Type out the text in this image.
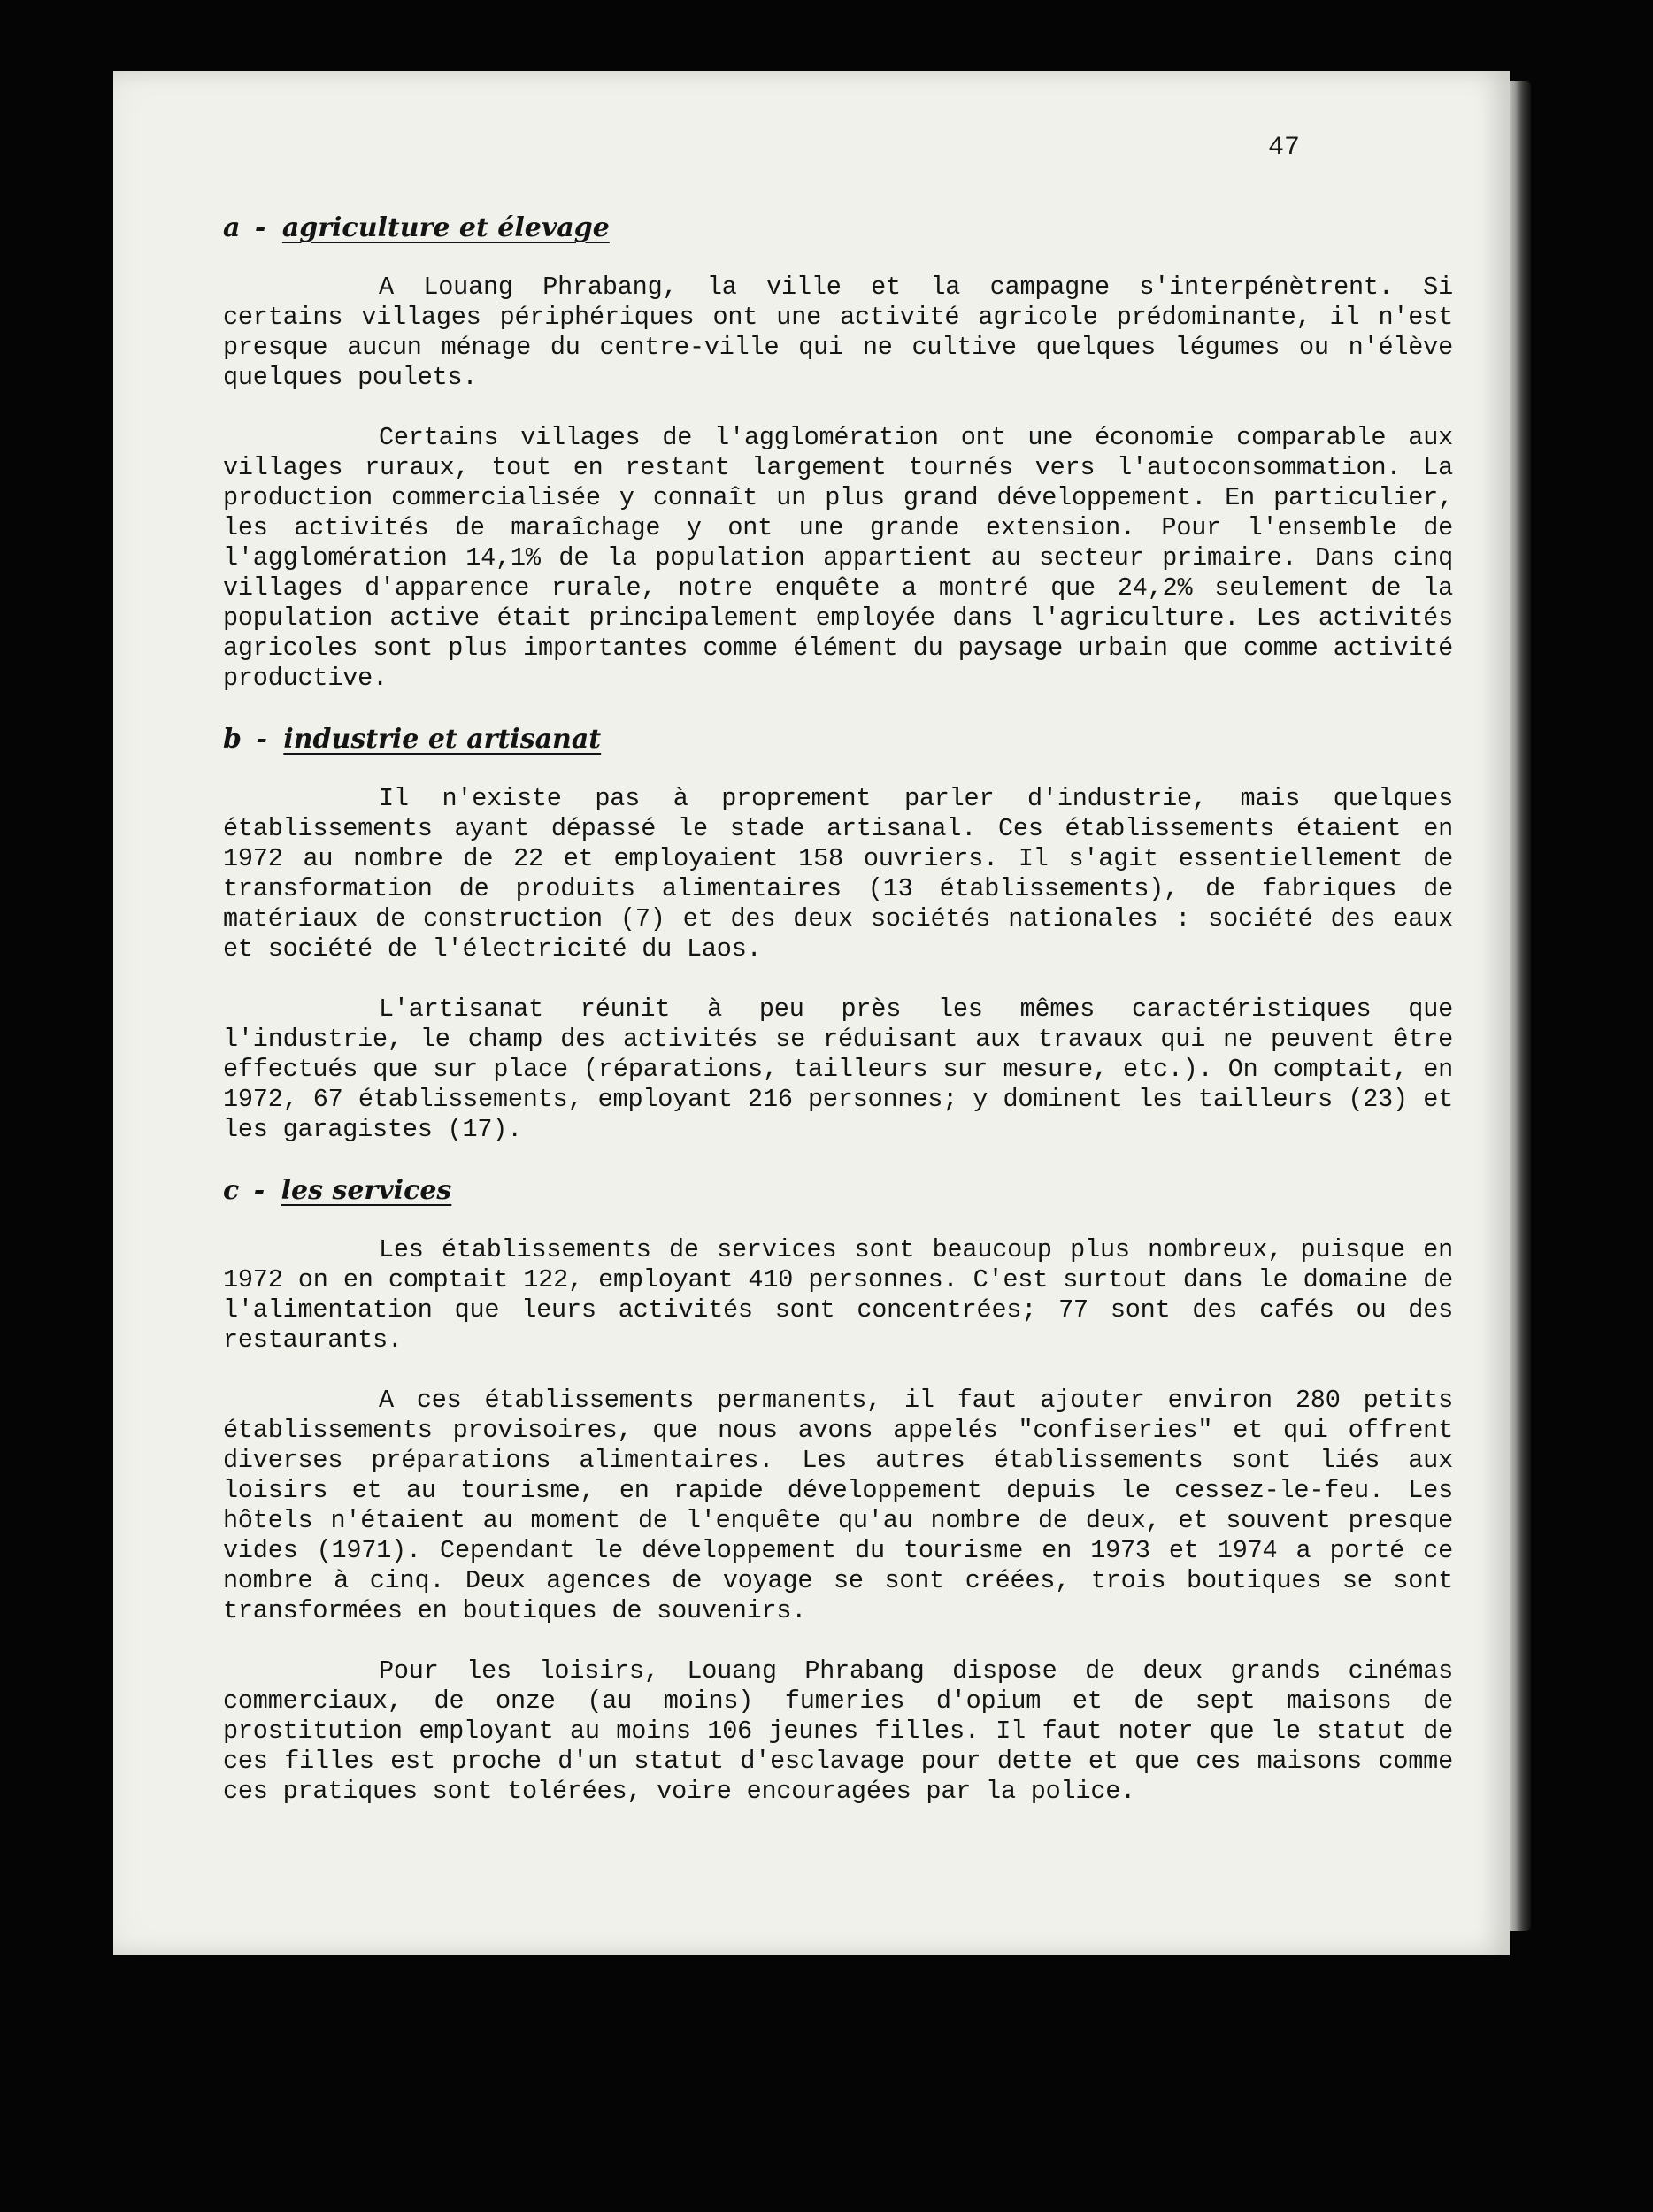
47
a - agriculture et élevage

A Louang Phrabang, la ville et la campagne s'interpénètrent. Si certains villages périphériques ont une activité agricole prédominante, il n'est presque aucun ménage du centre-ville qui ne cultive quelques légumes ou n'élève quelques poulets.

Certains villages de l'agglomération ont une économie comparable aux villages ruraux, tout en restant largement tournés vers l'autoconsommation. La production commercialisée y connaît un plus grand développement. En particulier, les activités de maraîchage y ont une grande extension. Pour l'ensemble de l'agglomération 14,1% de la population appartient au secteur primaire. Dans cinq villages d'apparence rurale, notre enquête a montré que 24,2% seulement de la population active était principalement employée dans l'agriculture. Les activités agricoles sont plus importantes comme élément du paysage urbain que comme activité productive.

b - industrie et artisanat

Il n'existe pas à proprement parler d'industrie, mais quelques établissements ayant dépassé le stade artisanal. Ces établissements étaient en 1972 au nombre de 22 et employaient 158 ouvriers. Il s'agit essentiellement de transformation de produits alimentaires (13 établissements), de fabriques de matériaux de construction (7) et des deux sociétés nationales : société des eaux et société de l'électricité du Laos.

L'artisanat réunit à peu près les mêmes caractéristiques que l'industrie, le champ des activités se réduisant aux travaux qui ne peuvent être effectués que sur place (réparations, tailleurs sur mesure, etc.). On comptait, en 1972, 67 établissements, employant 216 personnes; y dominent les tailleurs (23) et les garagistes (17).

c - les services

Les établissements de services sont beaucoup plus nombreux, puisque en 1972 on en comptait 122, employant 410 personnes. C'est surtout dans le domaine de l'alimentation que leurs activités sont concentrées; 77 sont des cafés ou des restaurants.

A ces établissements permanents, il faut ajouter environ 280 petits établissements provisoires, que nous avons appelés "confiseries" et qui offrent diverses préparations alimentaires. Les autres établissements sont liés aux loisirs et au tourisme, en rapide développement depuis le cessez-le-feu. Les hôtels n'étaient au moment de l'enquête qu'au nombre de deux, et souvent presque vides (1971). Cependant le développement du tourisme en 1973 et 1974 a porté ce nombre à cinq. Deux agences de voyage se sont créées, trois boutiques se sont transformées en boutiques de souvenirs.

Pour les loisirs, Louang Phrabang dispose de deux grands cinémas commerciaux, de onze (au moins) fumeries d'opium et de sept maisons de prostitution employant au moins 106 jeunes filles. Il faut noter que le statut de ces filles est proche d'un statut d'esclavage pour dette et que ces maisons comme ces pratiques sont tolérées, voire encouragées par la police.
